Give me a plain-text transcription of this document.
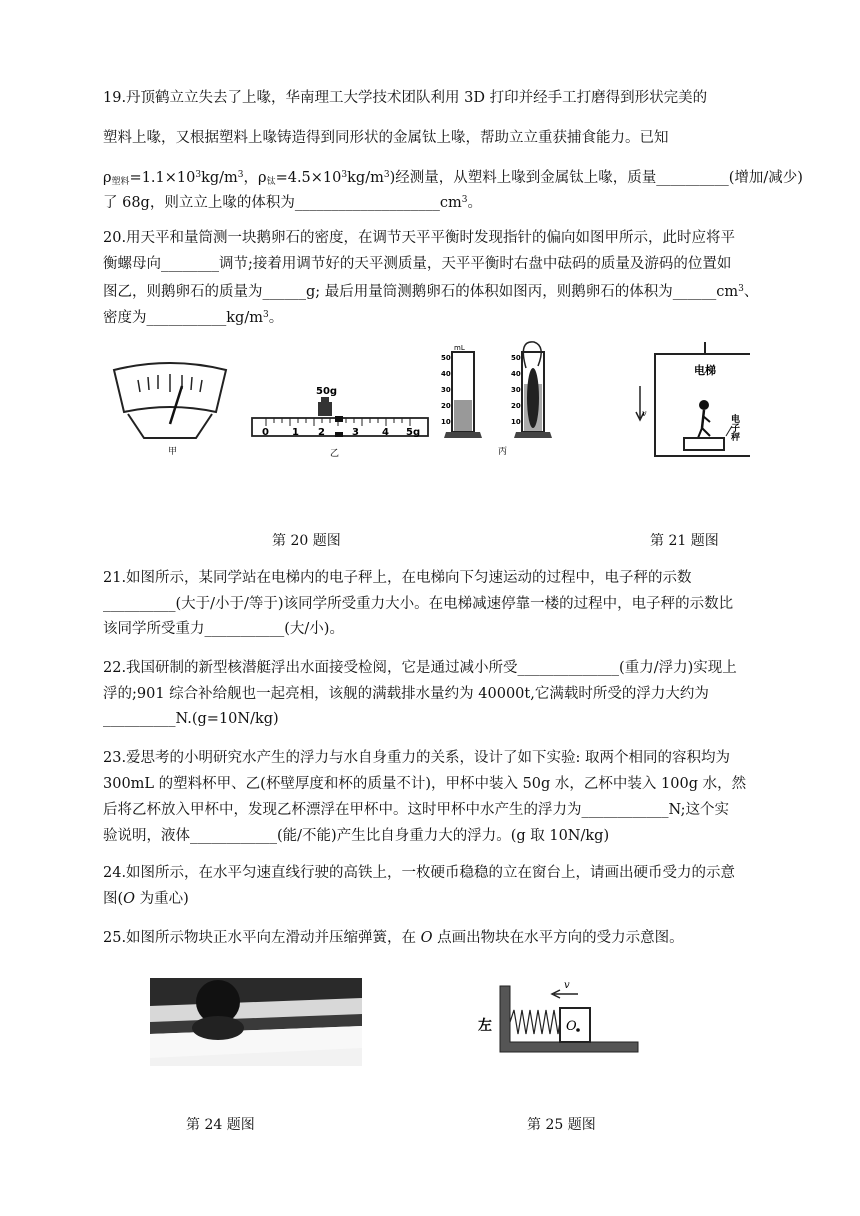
19.丹顶鹤立立失去了上喙，华南理工大学技术团队利用 3D 打印并经手工打磨得到形状完美的
塑料上喙，又根据塑料上喙铸造得到同形状的金属钛上喙，帮助立立重获捕食能力。已知
$\rho_{塑料}=1.1\times 10^3kg/m^3$，$\rho_钛=4.5\times 10^3kg/m^3$)经测量，从塑料上喙到金属钛上喙，质量__________(增加/减少)
了 68g，则立立上喙的体积为$\_\_\_\_\_\_\_\_\_\_\_\_\_\_\_\_\_\_\_\_cm^3$。
20.用天平和量筒测一块鹅卵石的密度，在调节天平平衡时发现指针的偏向如图甲所示，此时应将平
衡螺母向________调节;接着用调节好的天平测质量，天平平衡时右盘中砝码的质量及游码的位置如
图乙，则鹅卵石的质量为______g; 最后用量筒测鹅卵石的体积如图丙，则鹅卵石的体积为$\_\_\_\_\_\_cm^3$、
密度为$\_\_\_\_\_\_\_\_\_\_\_kg/m^3$。
甲
50g
0 1 2	3 4 5g
乙
mL
50
40
30
20
10
50
40
30
20
10
丙
电梯
v
电子秤
第 20 题图	第 21 题图
21.如图所示，某同学站在电梯内的电子秤上，在电梯向下匀速运动的过程中，电子秤的示数
__________(大于/小于/等于)该同学所受重力大小。在电梯减速停靠一楼的过程中，电子秤的示数比
该同学所受重力___________(大/小)。
22.我国研制的新型核潜艇浮出水面接受检阅，它是通过减小所受______________(重力/浮力)实现上
浮的;901 综合补给舰也一起亮相，该舰的满载排水量约为 40000t,它满载时所受的浮力大约为
__________N.(g=10N/kg)
23.爱思考的小明研究水产生的浮力与水自身重力的关系，设计了如下实验: 取两个相同的容积均为
300mL 的塑料杯甲、乙(杯壁厚度和杯的质量不计)，甲杯中装入 50g 水，乙杯中装入 100g 水，然
后将乙杯放入甲杯中，发现乙杯漂浮在甲杯中。这时甲杯中水产生的浮力为____________N;这个实
验说明，液体____________(能/不能)产生比自身重力大的浮力。(g 取 10N/kg)
24.如图所示，在水平匀速直线行驶的高铁上，一枚硬币稳稳的立在窗台上，请画出硬币受力的示意
图(O 为重心)
25.如图所示物块正水平向左滑动并压缩弹簧，在 O 点画出物块在水平方向的受力示意图。
左	O
v
第 24 题图	第 25 题图
